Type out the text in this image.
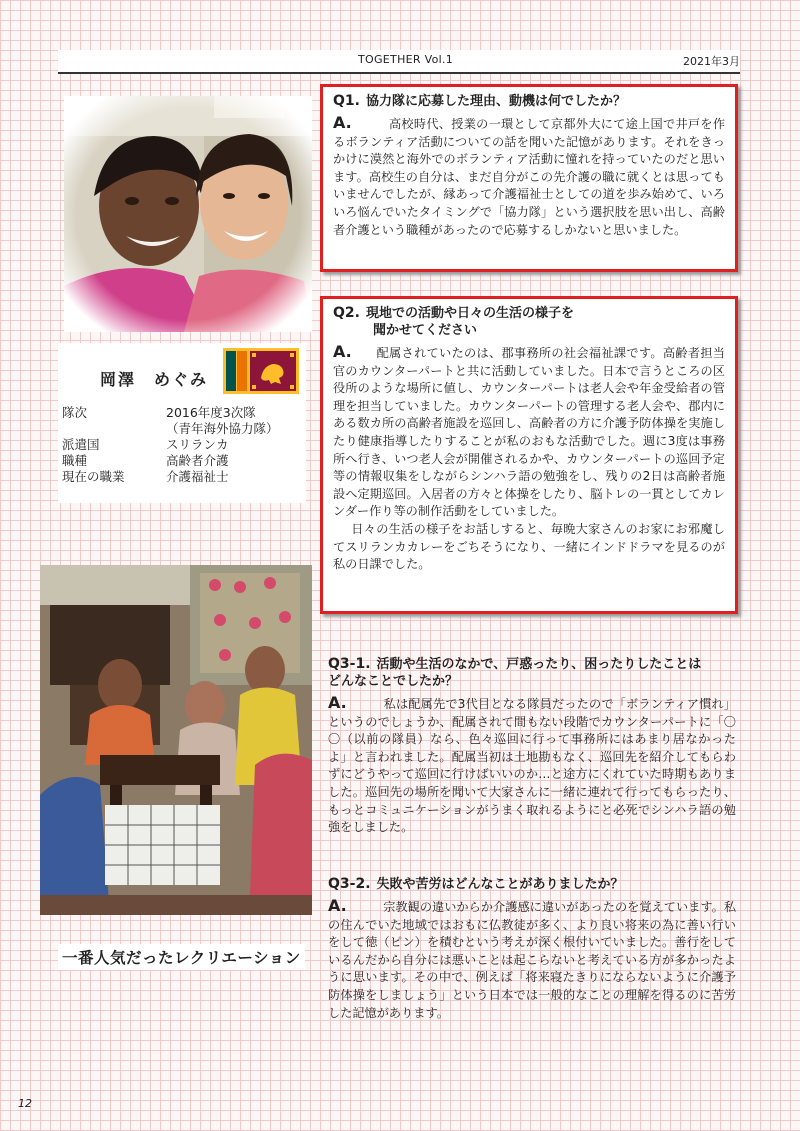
TOGETHER Vol.1	2021年3月
岡澤　めぐみ
隊次	2016年度3次隊
（青年海外協力隊）
派遣国	スリランカ
職種	高齢者介護
現在の職業	介護福祉士
一番人気だったレクリエーション
Q1. 協力隊に応募した理由、動機は何でしたか？

A.　　	高校時代、授業の一環として京都外大にて途上国で井戸を作るボランティア活動についての話を聞いた記憶があります。それをきっかけに漠然と海外でのボランティア活動に憧れを持っていたのだと思います。高校生の自分は、まだ自分がこの先介護の職に就くとは思ってもいませんでしたが、縁あって介護福祉士としての道を歩み始めて、いろいろ悩んでいたタイミングで「協力隊」という選択肢を思い出し、高齢者介護という職種があったので応募するしかないと思いました。

Q2. 現地での活動や日々の生活の様子を
聞かせてください

A.　 配属されていたのは、郡事務所の社会福祉課です。高齢者担当官のカウンターパートと共に活動していました。日本で言うところの区役所のような場所に値し、カウンターパートは老人会や年金受給者の管理を担当していました。カウンターパートの管理する老人会や、郡内にある数カ所の高齢者施設を巡回し、高齢者の方に介護予防体操を実施したり健康指導したりすることが私のおもな活動でした。週に3度は事務所へ行き、いつ老人会が開催されるかや、カウンターパートの巡回予定等の情報収集をしながらシンハラ語の勉強をし、残りの2日は高齢者施設へ定期巡回。入居者の方々と体操をしたり、脳トレの一貫としてカレンダー作り等の制作活動をしていました。

日々の生活の様子をお話しすると、毎晩大家さんのお家にお邪魔してスリランカカレーをごちそうになり、一緒にインドドラマを見るのが私の日課でした。

Q3-1. 活動や生活のなかで、戸惑ったり、困ったりしたことは
どんなことでしたか？

A.　　	私は配属先で3代目となる隊員だったので「ボランティア慣れ」というのでしょうか、配属されて間もない段階でカウンターパートに「〇〇（以前の隊員）なら、色々巡回に行って事務所にはあまり居なかったよ」と言われました。配属当初は土地勘もなく、巡回先を紹介してもらわずにどうやって巡回に行けばいいのか…と途方にくれていた時期もありました。巡回先の場所を聞いて大家さんに一緒に連れて行ってもらったり、もっとコミュニケーションがうまく取れるようにと必死でシンハラ語の勉強をしました。

Q3-2. 失敗や苦労はどんなことがありましたか？

A.　　	宗教観の違いからか介護感に違いがあったのを覚えています。私の住んでいた地域ではおもに仏教徒が多く、より良い将来の為に善い行いをして徳（ピン）を積むという考えが深く根付いていました。善行をしているんだから自分には悪いことは起こらないと考えている方が多かったように思います。その中で、例えば「将来寝たきりにならないように介護予防体操をしましょう」という日本では一般的なことの理解を得るのに苦労した記憶があります。

12
